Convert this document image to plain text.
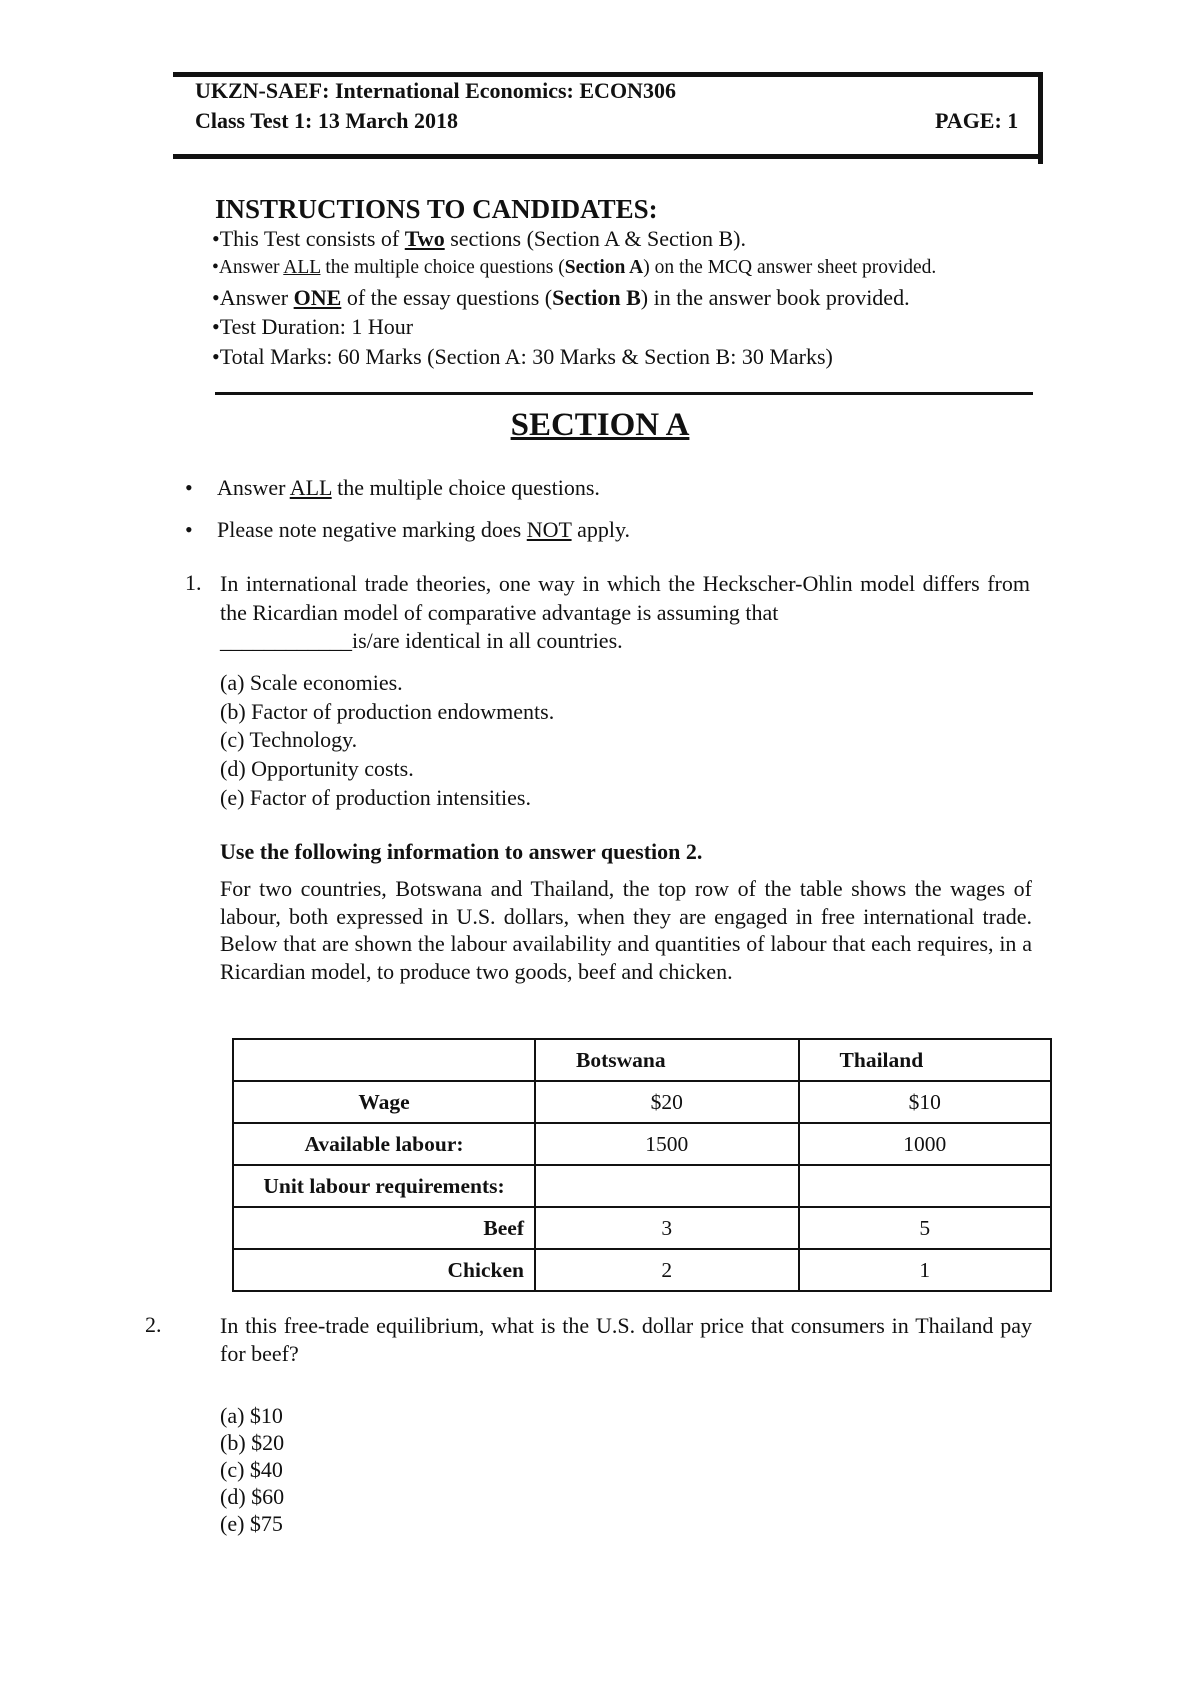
UKZN-SAEF: International Economics: ECON306
Class Test 1: 13 March 2018	PAGE: 1
INSTRUCTIONS TO CANDIDATES:
•This Test consists of Two sections (Section A & Section B).
•Answer ALL the multiple choice questions (Section A) on the MCQ answer sheet provided.
•Answer ONE of the essay questions (Section B) in the answer book provided.
•Test Duration: 1 Hour
•Total Marks: 60 Marks (Section A: 30 Marks & Section B: 30 Marks)
SECTION A
• Answer ALL the multiple choice questions.
• Please note negative marking does NOT apply.
1. In international trade theories, one way in which the Heckscher-Ohlin model differs from the Ricardian model of comparative advantage is assuming that
____________is/are identical in all countries.
(a) Scale economies.
(b) Factor of production endowments.
(c) Technology.
(d) Opportunity costs.
(e) Factor of production intensities.
Use the following information to answer question 2.
For two countries, Botswana and Thailand, the top row of the table shows the wages of labour, both expressed in U.S. dollars, when they are engaged in free international trade. Below that are shown the labour availability and quantities of labour that each requires, in a Ricardian model, to produce two goods, beef and chicken.
	Botswana	Thailand
Wage	$20	$10
Available labour:	1500	1000
Unit labour requirements:		
Beef	3	5
Chicken	2	1
2.	In this free-trade equilibrium, what is the U.S. dollar price that consumers in Thailand pay for beef?
(a) $10
(b) $20
(c) $40
(d) $60
(e) $75
